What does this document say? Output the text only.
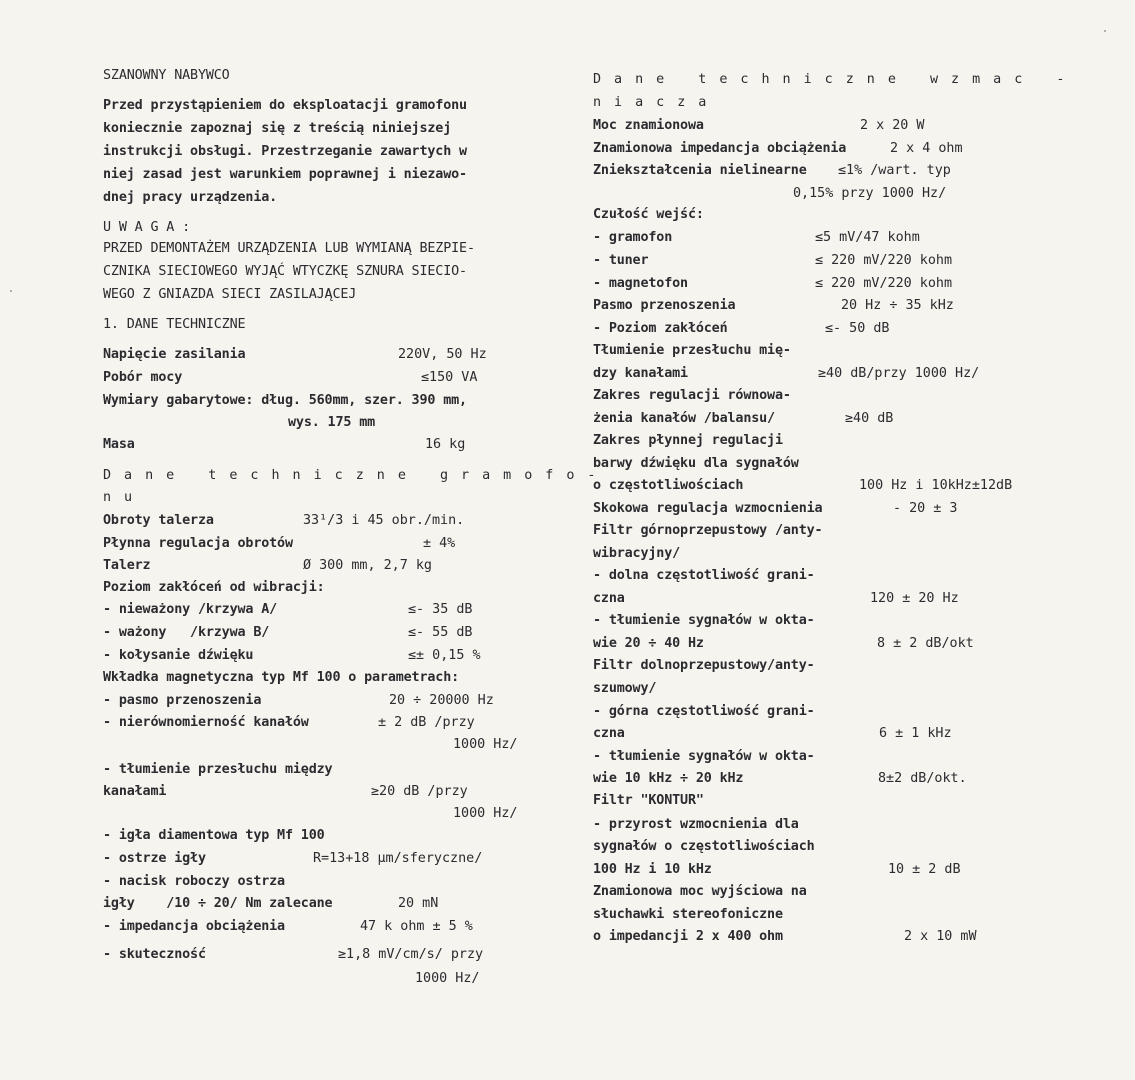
SZANOWNY NABYWCO
Przed przystąpieniem do eksploatacji gramofonu
koniecznie zapoznaj się z treścią niniejszej
instrukcji obsługi. Przestrzeganie zawartych w
niej zasad jest warunkiem poprawnej i niezawo-
dnej pracy urządzenia.
U W A G A :
PRZED DEMONTAŻEM URZĄDZENIA LUB WYMIANĄ BEZPIE-
CZNIKA SIECIOWEGO WYJĄĆ WTYCZKĘ SZNURA SIECIO-
WEGO Z GNIAZDA SIECI ZASILAJĄCEJ
1. DANE TECHNICZNE
Napięcie zasilania	220V, 50 Hz
Pobór mocy	≤150 VA
Wymiary gabarytowe: dług. 560mm, szer. 390 mm,
wys. 175 mm
Masa	16 kg
Dane techniczne gramofo-
nu
Obroty talerza	33¹/3 i 45 obr./min.
Płynna regulacja obrotów	± 4%
Talerz	Ø 300 mm, 2,7 kg
Poziom zakłóceń od wibracji:
- nieważony /krzywa A/	≤- 35 dB
- ważony   /krzywa B/	≤- 55 dB
- kołysanie dźwięku	≤± 0,15 %
Wkładka magnetyczna typ Mf 100 o parametrach:
- pasmo przenoszenia	20 ÷ 20000 Hz
- nierównomierność kanałów	± 2 dB /przy
1000 Hz/
- tłumienie przesłuchu między
kanałami	≥20 dB /przy
1000 Hz/
- igła diamentowa typ Mf 100
- ostrze igły	R=13+18 µm/sferyczne/
- nacisk roboczy ostrza
igły    /10 ÷ 20/ Nm zalecane	20 mN
- impedancja obciążenia	47 k ohm ± 5 %
- skuteczność	≥1,8 mV/cm/s/ przy
1000 Hz/
Dane techniczne wzmac -
niacza
Moc znamionowa	2 x 20 W
Znamionowa impedancja obciążenia	2 x 4 ohm
Zniekształcenia nielinearne ≤1% /wart. typ
0,15% przy 1000 Hz/
Czułość wejść:
- gramofon	≤5 mV/47 kohm
- tuner	≤ 220 mV/220 kohm
- magnetofon	≤ 220 mV/220 kohm
Pasmo przenoszenia	20 Hz ÷ 35 kHz
- Poziom zakłóceń	≤- 50 dB
Tłumienie przesłuchu mię-
dzy kanałami	≥40 dB/przy 1000 Hz/
Zakres regulacji równowa-
żenia kanałów /balansu/	≥40 dB
Zakres płynnej regulacji
barwy dźwięku dla sygnałów
o częstotliwościach	100 Hz i 10kHz±12dB
Skokowa regulacja wzmocnienia	- 20 ± 3
Filtr górnoprzepustowy /anty-
wibracyjny/
- dolna częstotliwość grani-
czna	120 ± 20 Hz
- tłumienie sygnałów w okta-
wie 20 ÷ 40 Hz	8 ± 2 dB/okt
Filtr dolnoprzepustowy/anty-
szumowy/
- górna częstotliwość grani-
czna	6 ± 1 kHz
- tłumienie sygnałów w okta-
wie 10 kHz ÷ 20 kHz	8±2 dB/okt.
Filtr "KONTUR"
- przyrost wzmocnienia dla
sygnałów o częstotliwościach
100 Hz i 10 kHz	10 ± 2 dB
Znamionowa moc wyjściowa na
słuchawki stereofoniczne
o impedancji 2 x 400 ohm	2 x 10 mW
